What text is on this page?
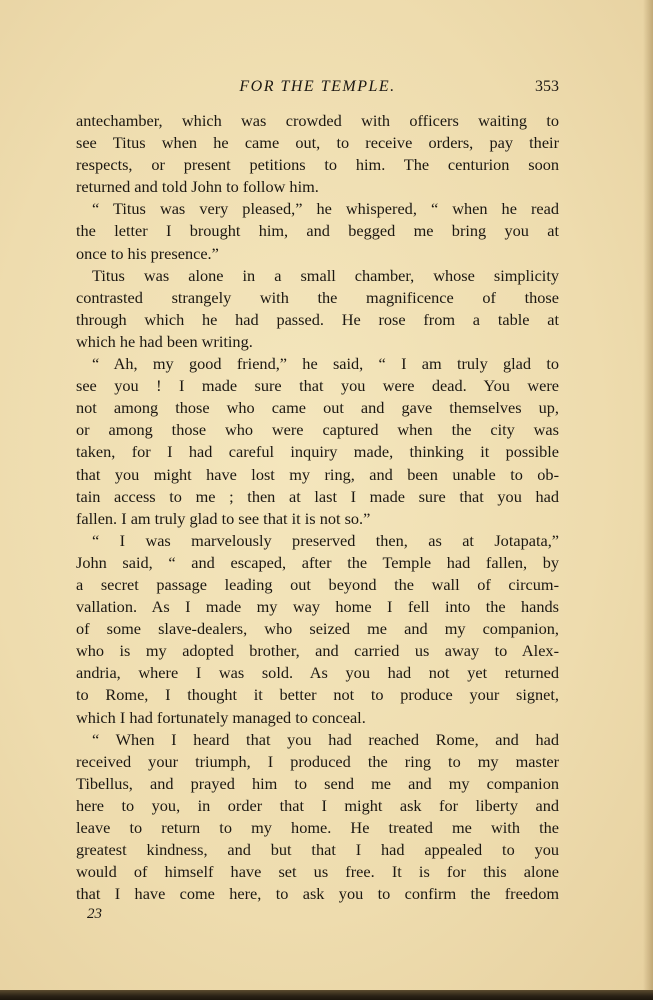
FOR THE TEMPLE.	353
antechamber, which was crowded with officers waiting to
see Titus when he came out, to receive orders, pay their
respects, or present petitions to him. The centurion soon
returned and told John to follow him.
“ Titus was very pleased,” he whispered, “ when he read
the letter I brought him, and begged me bring you at
once to his presence.”
Titus was alone in a small chamber, whose simplicity
contrasted strangely with the magnificence of those
through which he had passed. He rose from a table at
which he had been writing.
“ Ah, my good friend,” he said, “ I am truly glad to
see you ! I made sure that you were dead. You were
not among those who came out and gave themselves up,
or among those who were captured when the city was
taken, for I had careful inquiry made, thinking it possible
that you might have lost my ring, and been unable to ob-
tain access to me ; then at last I made sure that you had
fallen. I am truly glad to see that it is not so.”
“ I was marvelously preserved then, as at Jotapata,”
John said, “ and escaped, after the Temple had fallen, by
a secret passage leading out beyond the wall of circum-
vallation. As I made my way home I fell into the hands
of some slave-dealers, who seized me and my companion,
who is my adopted brother, and carried us away to Alex-
andria, where I was sold. As you had not yet returned
to Rome, I thought it better not to produce your signet,
which I had fortunately managed to conceal.
“ When I heard that you had reached Rome, and had
received your triumph, I produced the ring to my master
Tibellus, and prayed him to send me and my companion
here to you, in order that I might ask for liberty and
leave to return to my home. He treated me with the
greatest kindness, and but that I had appealed to you
would of himself have set us free. It is for this alone
that I have come here, to ask you to confirm the freedom
23
